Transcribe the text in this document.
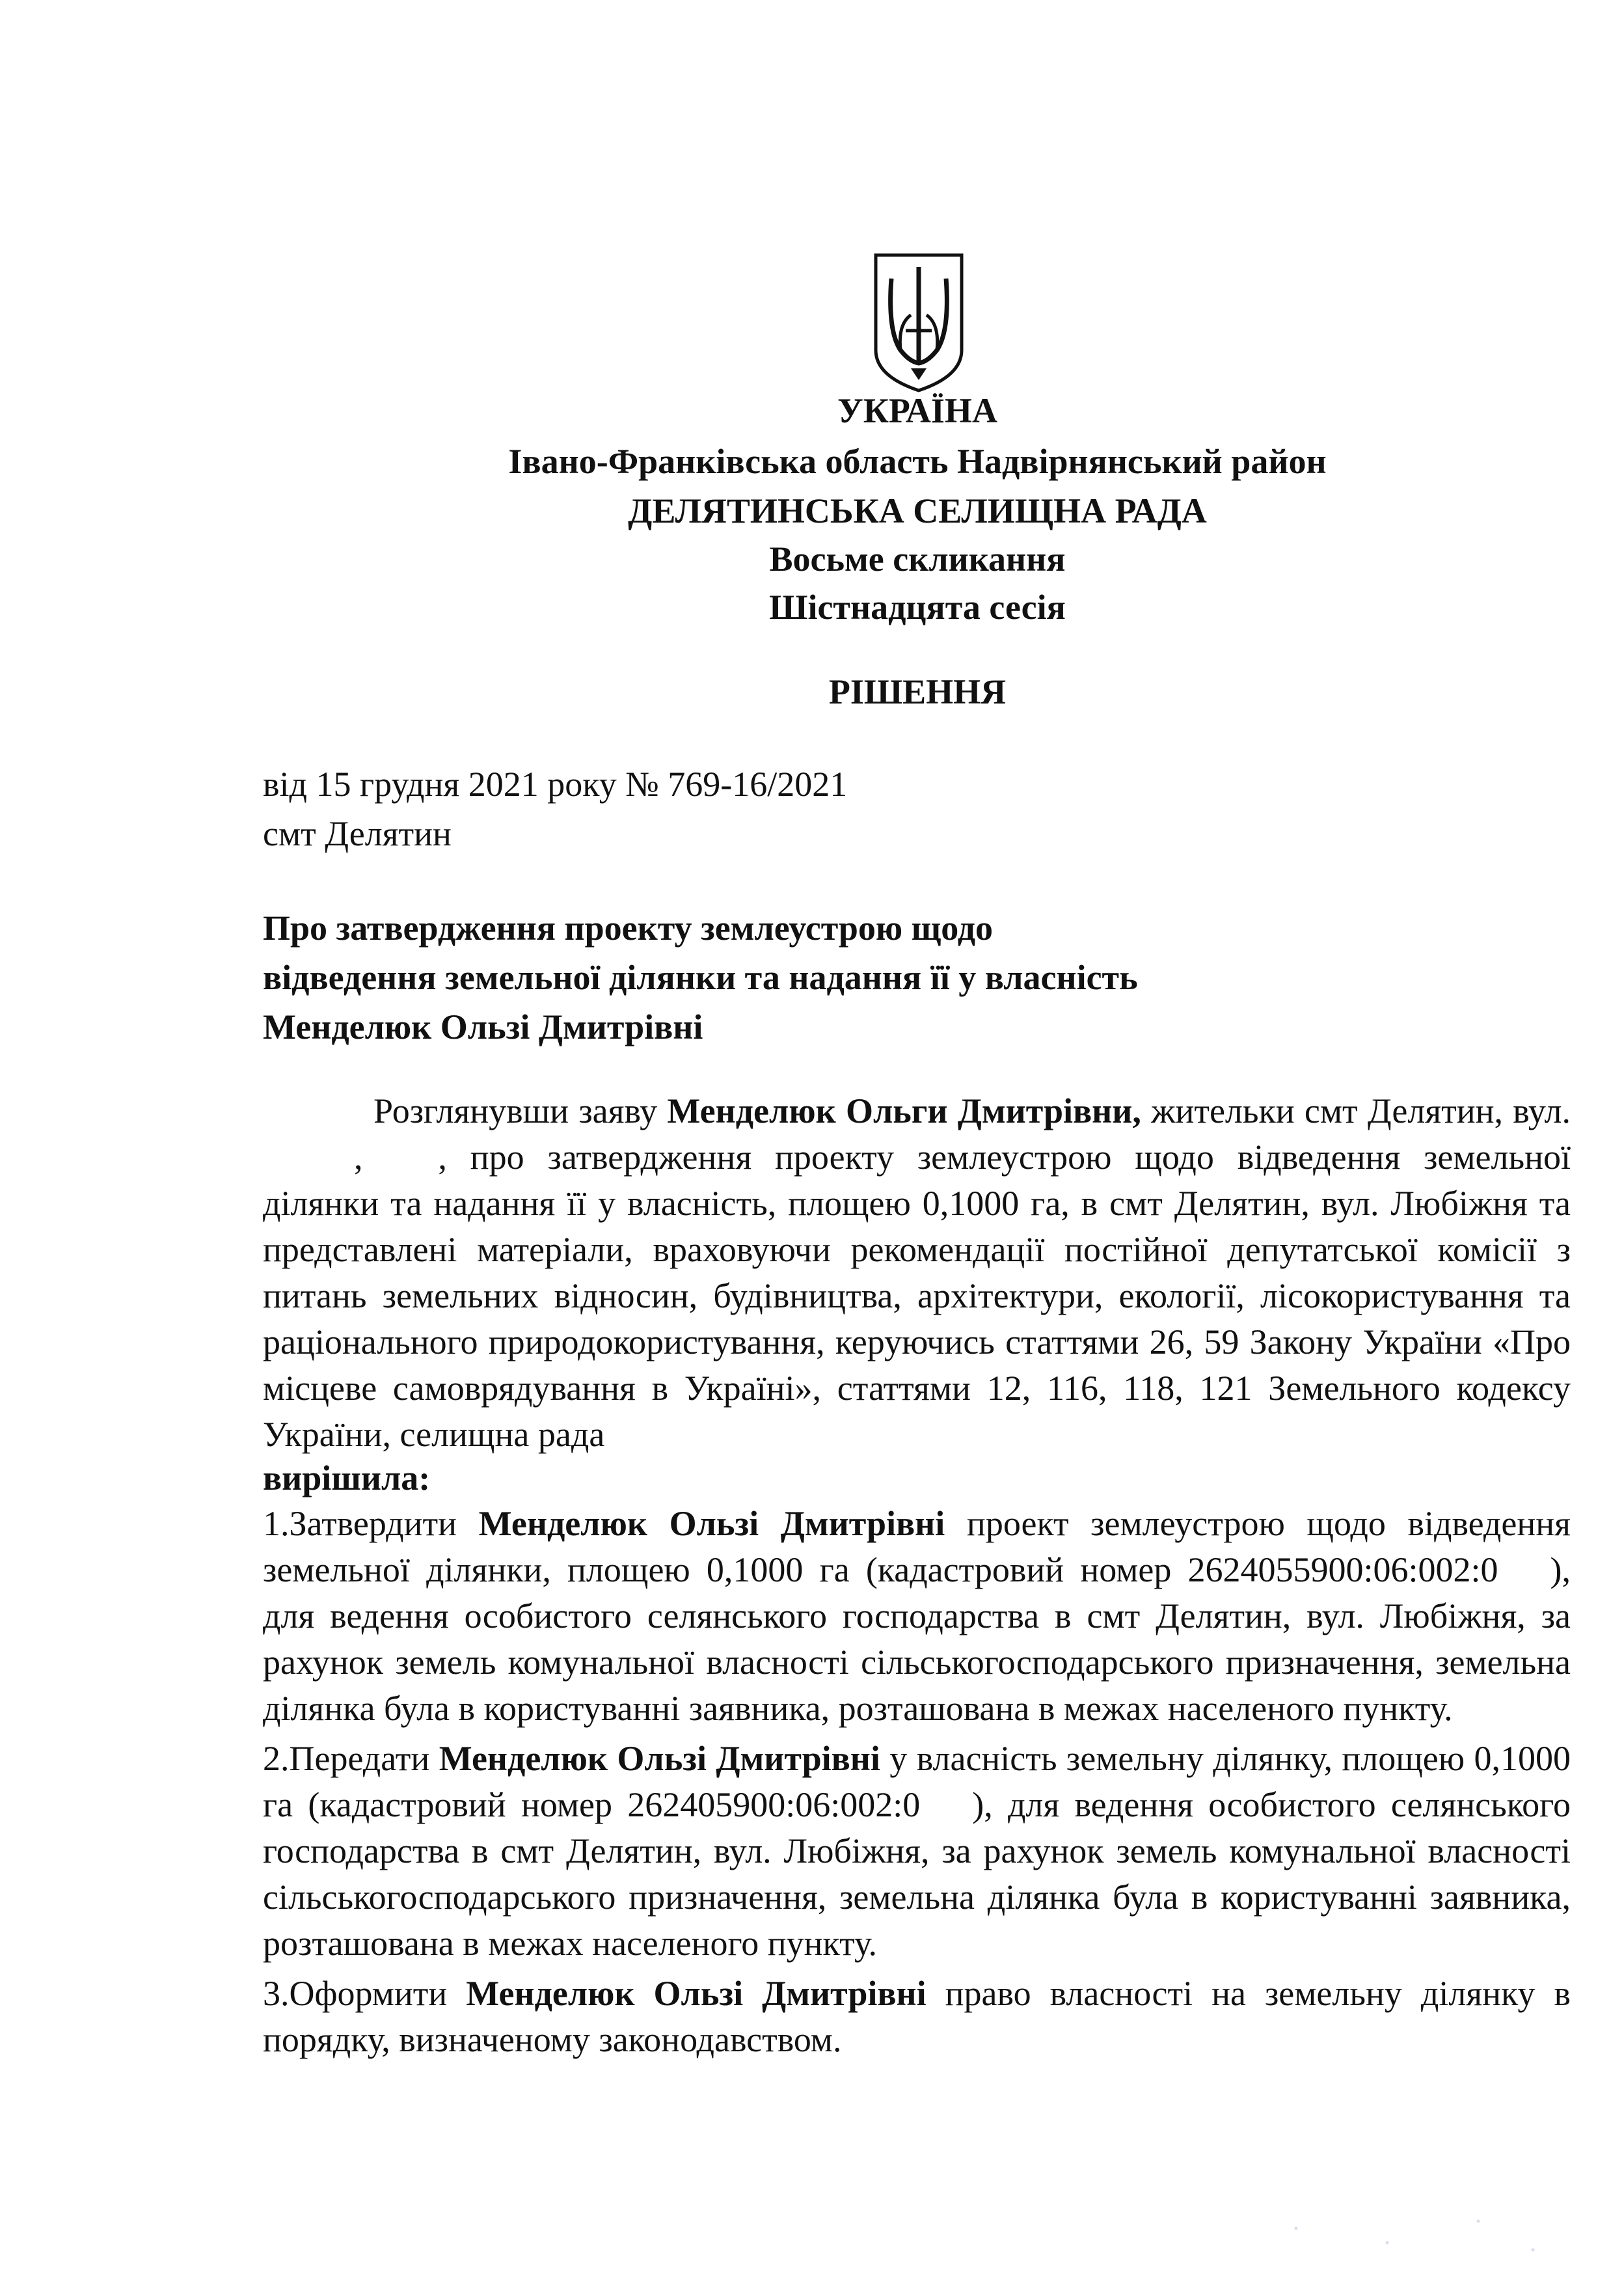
УКРАЇНА
Івано-Франківська область Надвірнянський район
ДЕЛЯТИНСЬКА СЕЛИЩНА РАДА
Восьме скликання
Шістнадцята сесія
РІШЕННЯ
від 15 грудня 2021 року № 769-16/2021
смт Делятин
Про затвердження проекту землеустрою щодо
відведення земельної ділянки та надання її у власність
Менделюк Ользі Дмитрівні
Розглянувши заяву Менделюк Ольги Дмитрівни, жительки смт Делятин, вул. , , про затвердження проекту землеустрою щодо відведення земельної ділянки та надання її у власність, площею 0,1000 га, в смт Делятин, вул. Любіжня та представлені матеріали, враховуючи рекомендації постійної депутатської комісії з питань земельних відносин, будівництва, архітектури, екології, лісокористування та раціонального природокористування, керуючись статтями 26, 59 Закону України «Про місцеве самоврядування в Україні», статтями 12, 116, 118, 121 Земельного кодексу України, селищна рада
вирішила:
1.Затвердити Менделюк Ользі Дмитрівні проект землеустрою щодо відведення земельної ділянки, площею 0,1000 га (кадастровий номер 2624055900:06:002:0 ), для ведення особистого селянського господарства в смт Делятин, вул. Любіжня, за рахунок земель комунальної власності сільськогосподарського призначення, земельна ділянка була в користуванні заявника, розташована в межах населеного пункту.
2.Передати Менделюк Ользі Дмитрівні у власність земельну ділянку, площею 0,1000 га (кадастровий номер 262405900:06:002:0 ), для ведення особистого селянського господарства в смт Делятин, вул. Любіжня, за рахунок земель комунальної власності сільськогосподарського призначення, земельна ділянка була в користуванні заявника, розташована в межах населеного пункту.
3.Оформити Менделюк Ользі Дмитрівні право власності на земельну ділянку в порядку, визначеному законодавством.
